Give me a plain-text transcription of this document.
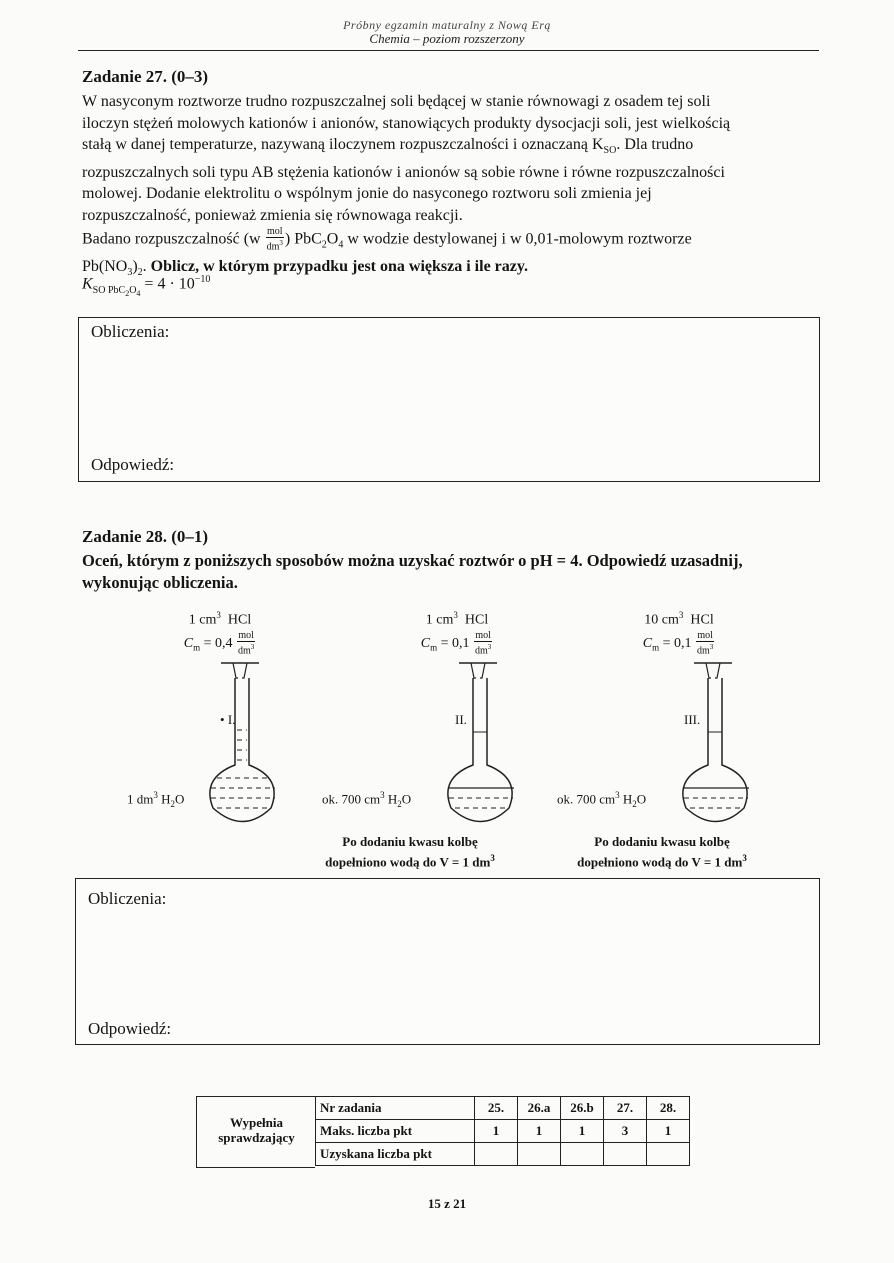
Próbny egzamin maturalny z Nową Erą
Chemia – poziom rozszerzony
Zadanie 27. (0–3)
W nasyconym roztworze trudno rozpuszczalnej soli będącej w stanie równowagi z osadem tej soli
iloczyn stężeń molowych kationów i anionów, stanowiących produkty dysocjacji soli, jest wielkością
stałą w danej temperaturze, nazywaną iloczynem rozpuszczalności i oznaczaną $K_{SO}$. Dla trudno
rozpuszczalnych soli typu AB stężenia kationów i anionów są sobie równe i równe rozpuszczalności
molowej. Dodanie elektrolitu o wspólnym jonie do nasyconego roztworu soli zmienia jej
rozpuszczalność, ponieważ zmienia się równowaga reakcji.
Badano rozpuszczalność ($w \frac{\text{mol}}{dm^3}$ ) $PbC_2O_4$ w wodzie destylowanej i w 0,01-molowym roztworze
$Pb(NO_3)_2$. Oblicz, w którym przypadku jest ona większa i ile razy.
$K_{SO PbC_2O_4} = 4 \cdot 10^{-10}$
Obliczenia:
Odpowiedź:
Zadanie 28. (0–1)
Oceń, którym z poniższych sposobów można uzyskać roztwór o pH = 4. Odpowiedź uzasadnij,
wykonując obliczenia.
1 $cm^3$ HCl
$C_m = 0,4 \frac{\text{mol}}{dm^3}$
• I.
1 $dm^3$ $H_2O$
1 $cm^3$ HCl
$C_m = 0,1 \frac{\text{mol}}{dm^3}$
II.
ok. 700 $cm^3$ $H_2O$
Po dodaniu kwasu kolbę
dopełniono wodą do V = 1 $dm^3$
10 $cm^3$ HCl
$C_m = 0,1 \frac{\text{mol}}{dm^3}$
III.
ok. 700 $cm^3$ $H_2O$
Po dodaniu kwasu kolbę
dopełniono wodą do V = 1 $dm^3$
Obliczenia:
Odpowiedź:
Wypełnia
sprawdzający
Nr zadania	25.	26.a	26.b	27.	28.
Maks. liczba pkt	1	1	1	3	1
Uzyskana liczba pkt					
15 z 21
